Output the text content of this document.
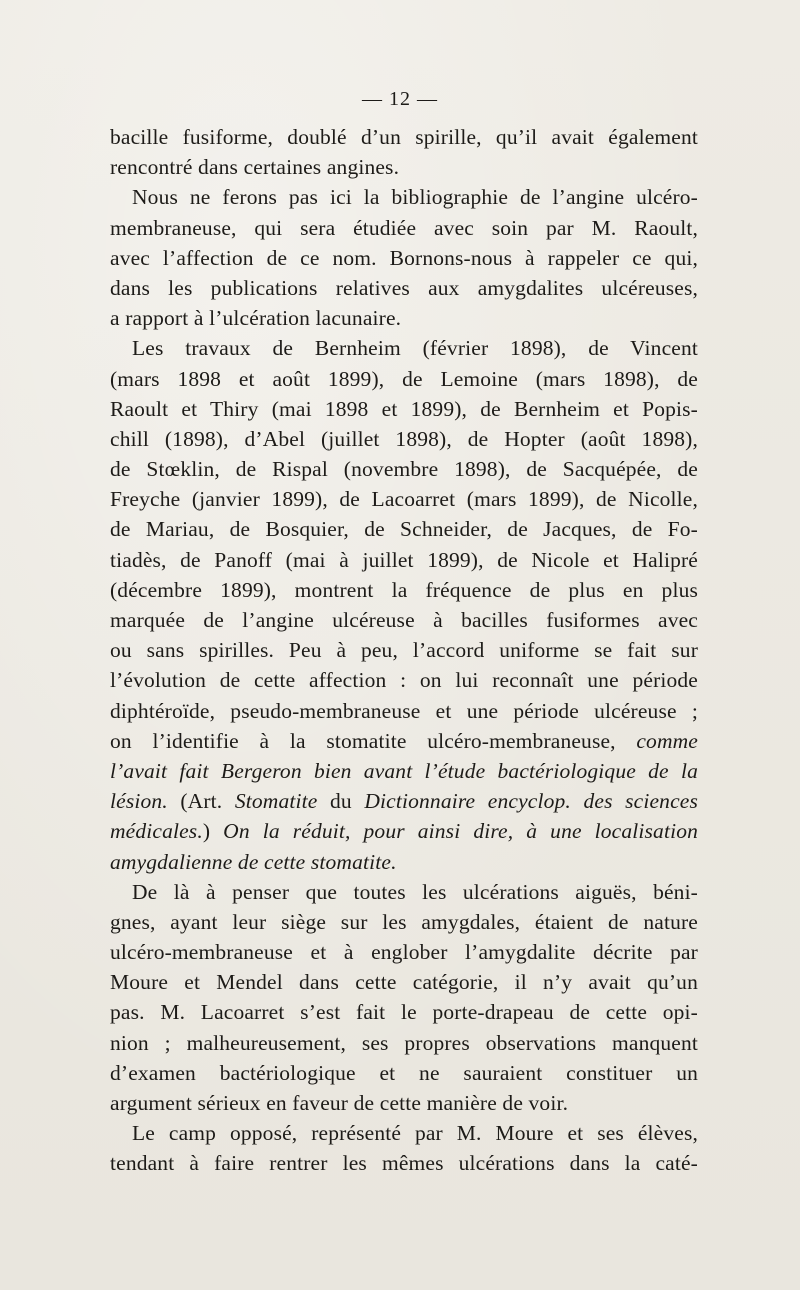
— 12 —
bacille fusiforme, doublé d’un spirille, qu’il avait également
rencontré dans certaines angines.
Nous ne ferons pas ici la bibliographie de l’angine ulcéro-
membraneuse, qui sera étudiée avec soin par M. Raoult,
avec l’affection de ce nom. Bornons-nous à rappeler ce qui,
dans les publications relatives aux amygdalites ulcéreuses,
a rapport à l’ulcération lacunaire.
Les travaux de Bernheim (février 1898), de Vincent
(mars 1898 et août 1899), de Lemoine (mars 1898), de
Raoult et Thiry (mai 1898 et 1899), de Bernheim et Popis-
chill (1898), d’Abel (juillet 1898), de Hopter (août 1898),
de Stœklin, de Rispal (novembre 1898), de Sacquépée, de
Freyche (janvier 1899), de Lacoarret (mars 1899), de Nicolle,
de Mariau, de Bosquier, de Schneider, de Jacques, de Fo-
tiadès, de Panoff (mai à juillet 1899), de Nicole et Halipré
(décembre 1899), montrent la fréquence de plus en plus
marquée de l’angine ulcéreuse à bacilles fusiformes avec
ou sans spirilles. Peu à peu, l’accord uniforme se fait sur
l’évolution de cette affection : on lui reconnaît une période
diphtéroïde, pseudo-membraneuse et une période ulcéreuse ;
on l’identifie à la stomatite ulcéro-membraneuse, comme
l’avait fait Bergeron bien avant l’étude bactériologique de la
lésion. (Art. Stomatite du Dictionnaire encyclop. des sciences
médicales.) On la réduit, pour ainsi dire, à une localisation
amygdalienne de cette stomatite.
De là à penser que toutes les ulcérations aiguës, béni-
gnes, ayant leur siège sur les amygdales, étaient de nature
ulcéro-membraneuse et à englober l’amygdalite décrite par
Moure et Mendel dans cette catégorie, il n’y avait qu’un
pas. M. Lacoarret s’est fait le porte-drapeau de cette opi-
nion ; malheureusement, ses propres observations manquent
d’examen bactériologique et ne sauraient constituer un
argument sérieux en faveur de cette manière de voir.
Le camp opposé, représenté par M. Moure et ses élèves,
tendant à faire rentrer les mêmes ulcérations dans la caté-
